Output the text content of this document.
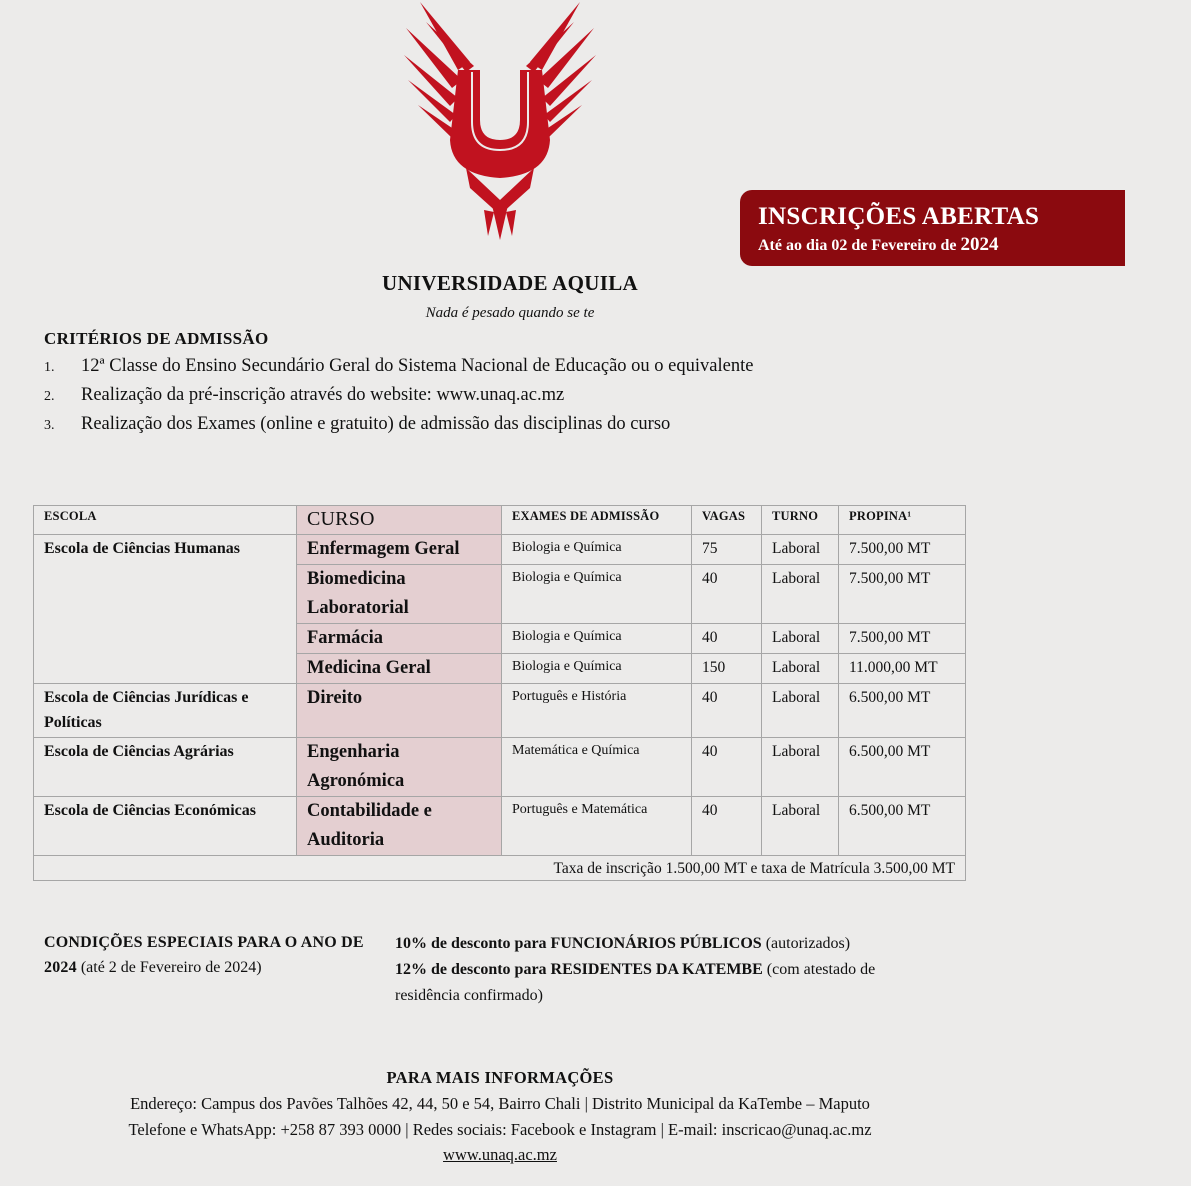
INSCRIÇÕES ABERTAS
Até ao dia 02 de Fevereiro de 2024
UNIVERSIDADE AQUILA
Nada é pesado quando se te
CRITÉRIOS DE ADMISSÃO
1. 12ª Classe do Ensino Secundário Geral do Sistema Nacional de Educação ou o equivalente
2. Realização da pré-inscrição através do website: www.unaq.ac.mz
3. Realização dos Exames (online e gratuito) de admissão das disciplinas do curso
ESCOLA	CURSO	EXAMES DE ADMISSÃO	VAGAS	TURNO	PROPINA¹
Escola de Ciências Humanas	Enfermagem Geral	Biologia e Química	75	Laboral	7.500,00 MT
	Biomedicina Laboratorial	Biologia e Química	40	Laboral	7.500,00 MT
	Farmácia	Biologia e Química	40	Laboral	7.500,00 MT
	Medicina Geral	Biologia e Química	150	Laboral	11.000,00 MT
Escola de Ciências Jurídicas e Políticas	Direito	Português e História	40	Laboral	6.500,00 MT
Escola de Ciências Agrárias	Engenharia Agronómica	Matemática e Química	40	Laboral	6.500,00 MT
Escola de Ciências Económicas	Contabilidade e Auditoria	Português e Matemática	40	Laboral	6.500,00 MT
Taxa de inscrição 1.500,00 MT e taxa de Matrícula 3.500,00 MT					
CONDIÇÕES ESPECIAIS PARA O ANO DE
2024 (até 2 de Fevereiro de 2024)
10% de desconto para FUNCIONÁRIOS PÚBLICOS (autorizados)
12% de desconto para RESIDENTES DA KATEMBE (com atestado de residência confirmado)
PARA MAIS INFORMAÇÕES
Endereço: Campus dos Pavões Talhões 42, 44, 50 e 54, Bairro Chali | Distrito Municipal da KaTembe – Maputo
Telefone e WhatsApp: +258 87 393 0000 | Redes sociais: Facebook e Instagram | E-mail: inscricao@unaq.ac.mz
www.unaq.ac.mz
